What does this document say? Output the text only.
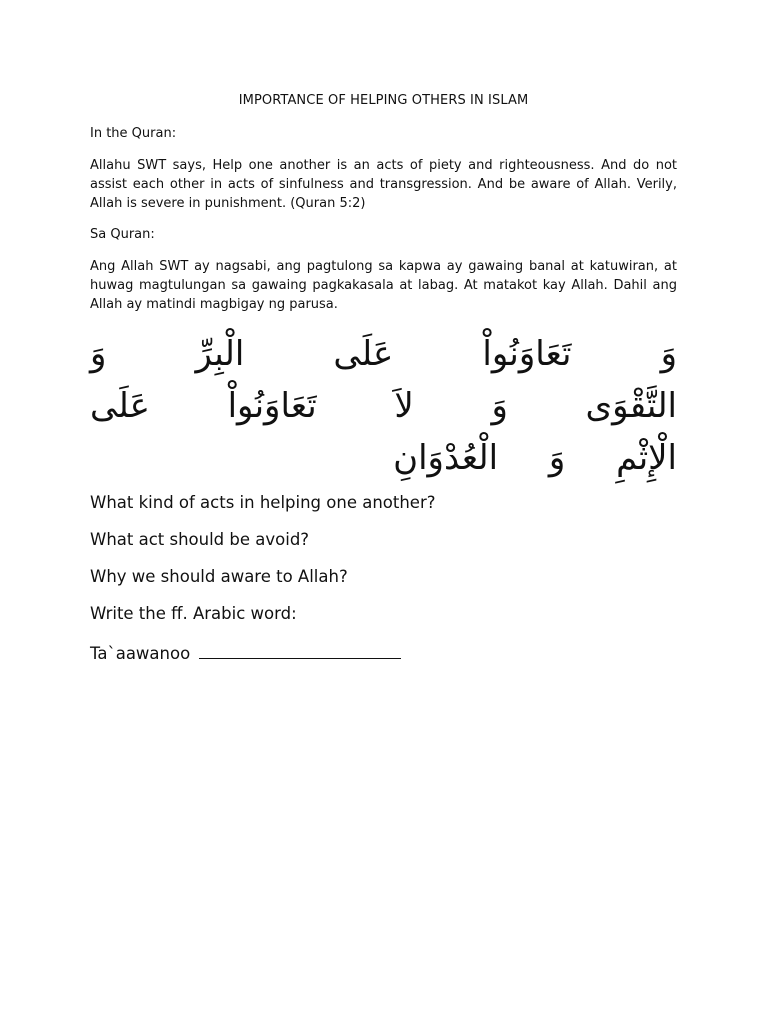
IMPORTANCE OF HELPING OTHERS IN ISLAM
In the Quran:
Allahu SWT says, Help one another is an acts of piety and righteousness. And do not assist each other in acts of sinfulness and transgression. And be aware of Allah. Verily, Allah is severe in punishment. (Quran 5:2)
Sa Quran:
Ang Allah SWT ay nagsabi, ang pagtulong sa kapwa ay gawaing banal at katuwiran, at huwag magtulungan sa gawaing pagkakasala at labag. At matakot kay Allah. Dahil ang Allah ay matindi magbigay ng parusa.
وَ تَعَاوَنُواْ عَلَى الْبِرِّ وَ
التَّقْوَى وَ لاَ تَعَاوَنُواْ عَلَى
الْإِثْمِ وَ الْعُدْوَانِ
What kind of acts in helping one another?
What act should be avoid?
Why we should aware to Allah?
Write the ff. Arabic word:
Ta`aawanoo
